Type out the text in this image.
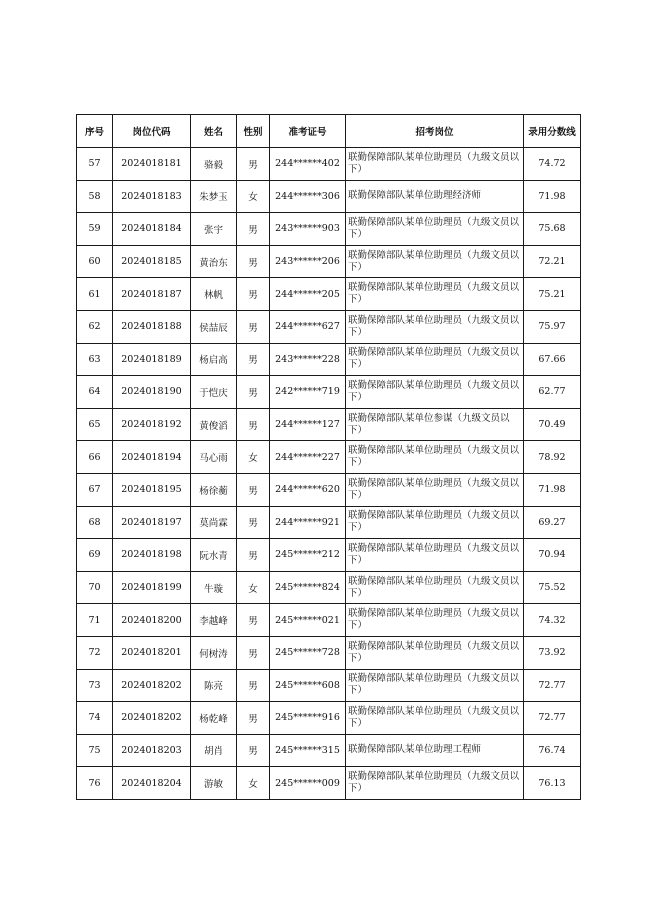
序号	岗位代码	姓名	性别	准考证号	招考岗位	录用分数线
57	2024018181	骆毅	男	244******402	联勤保障部队某单位助理员（九级文员以下）	74.72
58	2024018183	朱梦玉	女	244******306	联勤保障部队某单位助理经济师	71.98
59	2024018184	张宇	男	243******903	联勤保障部队某单位助理员（九级文员以下）	75.68
60	2024018185	黄治东	男	243******206	联勤保障部队某单位助理员（九级文员以下）	72.21
61	2024018187	林帆	男	244******205	联勤保障部队某单位助理员（九级文员以下）	75.21
62	2024018188	侯喆辰	男	244******627	联勤保障部队某单位助理员（九级文员以下）	75.97
63	2024018189	杨启高	男	243******228	联勤保障部队某单位助理员（九级文员以下）	67.66
64	2024018190	于恺庆	男	242******719	联勤保障部队某单位助理员（九级文员以下）	62.77
65	2024018192	黄俊滔	男	244******127	联勤保障部队某单位参谋（九级文员以下）	70.49
66	2024018194	马心雨	女	244******227	联勤保障部队某单位助理员（九级文员以下）	78.92
67	2024018195	杨徐蘅	男	244******620	联勤保障部队某单位助理员（九级文员以下）	71.98
68	2024018197	莫尚霖	男	244******921	联勤保障部队某单位助理员（九级文员以下）	69.27
69	2024018198	阮水青	男	245******212	联勤保障部队某单位助理员（九级文员以下）	70.94
70	2024018199	牛璇	女	245******824	联勤保障部队某单位助理员（九级文员以下）	75.52
71	2024018200	李越峰	男	245******021	联勤保障部队某单位助理员（九级文员以下）	74.32
72	2024018201	何树涛	男	245******728	联勤保障部队某单位助理员（九级文员以下）	73.92
73	2024018202	陈亮	男	245******608	联勤保障部队某单位助理员（九级文员以下）	72.77
74	2024018202	杨乾峰	男	245******916	联勤保障部队某单位助理员（九级文员以下）	72.77
75	2024018203	胡肖	男	245******315	联勤保障部队某单位助理工程师	76.74
76	2024018204	游敏	女	245******009	联勤保障部队某单位助理员（九级文员以下）	76.13
